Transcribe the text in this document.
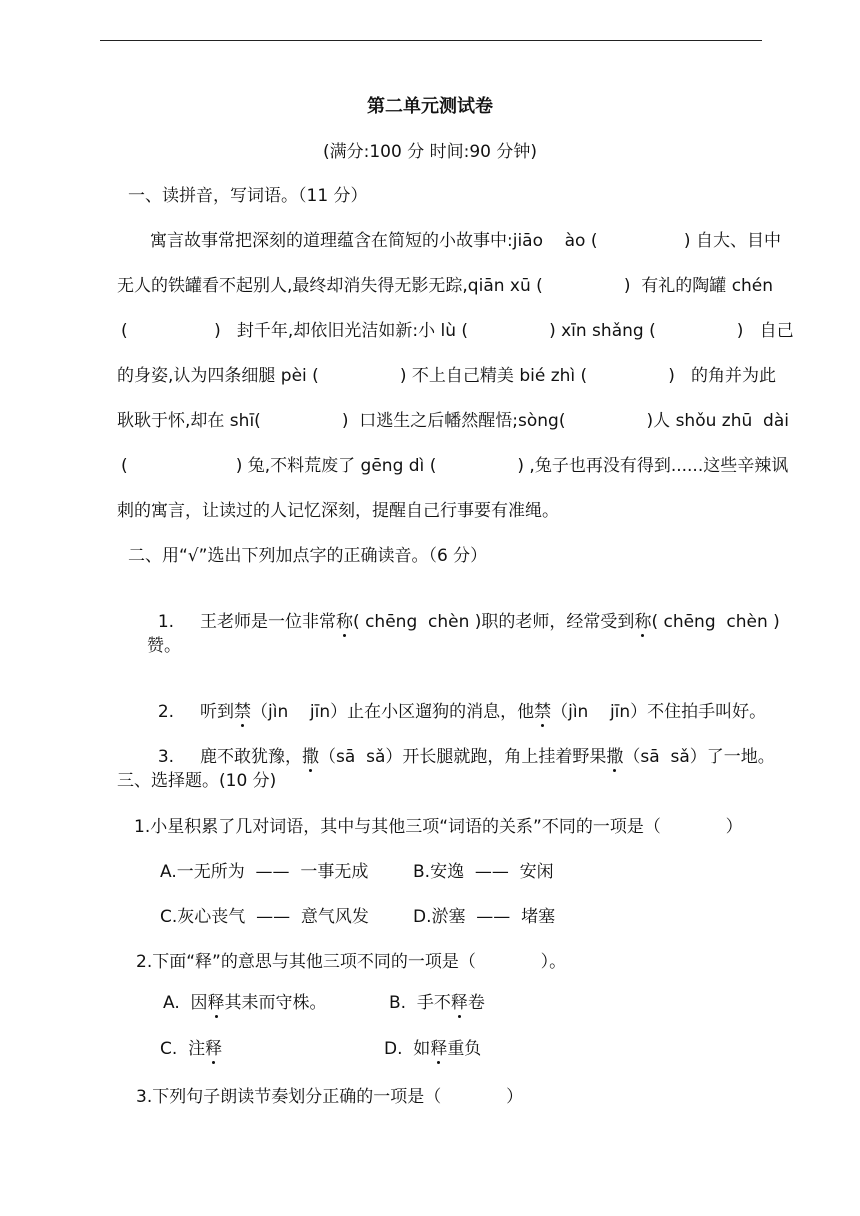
第二单元测试卷
(满分:100 分 时间:90 分钟)
一、读拼音，写词语。（11 分）
寓言故事常把深刻的道理蕴含在简短的小故事中:jiāo    ào (                ) 自大、目中
无人的铁罐看不起别人,最终却消失得无影无踪,qiān xū (               )  有礼的陶罐 chén
(                )   封千年,却依旧光洁如新:小 lù (               ) xīn shǎng (               )   自己
的身姿,认为四条细腿 pèi (               ) 不上自己精美 bié zhì (               )   的角并为此
耿耿于怀,却在 shī(               )  口逃生之后幡然醒悟;sòng(               )人 shǒu zhū  dài
(                    ) 兔,不料荒废了 gēng dì (               ) ,兔子也再没有得到......这些辛辣讽
刺的寓言，让读过的人记忆深刻，提醒自己行事要有准绳。
二、用“√”选出下列加点字的正确读音。（6 分）

1. 王老师是一位非常称( chēng  chèn )职的老师，经常受到称( chēng  chèn )

赞。

2. 听到禁（jìn    jīn）止在小区遛狗的消息，他禁（jìn    jīn）不住拍手叫好。

3. 鹿不敢犹豫，撒（sā  sǎ）开长腿就跑，角上挂着野果撒（sā  sǎ）了一地。

三、选择题。(10 分)
1.小星积累了几对词语，其中与其他三项“词语的关系”不同的一项是（            ）
A.一无所为  ——  一事无成	B.安逸  ——  安闲
C.灰心丧气  ——  意气风发	D.淤塞  ——  堵塞
2.下面“释”的意思与其他三项不同的一项是（            ）。
A.  因释其耒而守株。	B.  手不释卷
C.  注释	D.  如释重负
3.下列句子朗读节奏划分正确的一项是（            ）
